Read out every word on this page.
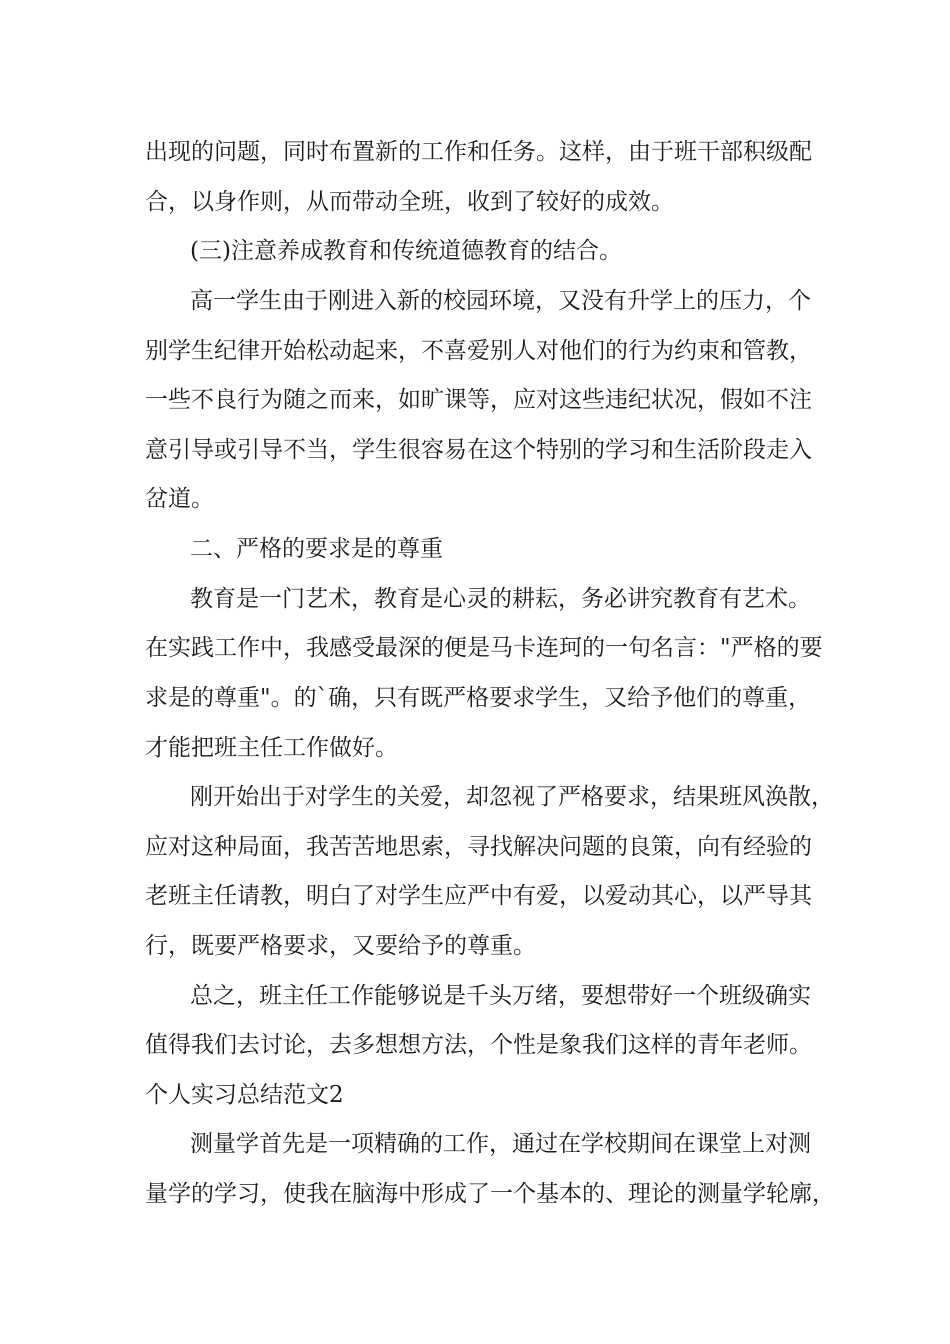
出现的问题，同时布置新的工作和任务。这样，由于班干部积级配
合，以身作则，从而带动全班，收到了较好的成效。
(三)注意养成教育和传统道德教育的结合。
高一学生由于刚进入新的校园环境，又没有升学上的压力，个
别学生纪律开始松动起来，不喜爱别人对他们的行为约束和管教，
一些不良行为随之而来，如旷课等，应对这些违纪状况，假如不注
意引导或引导不当，学生很容易在这个特别的学习和生活阶段走入
岔道。
二、严格的要求是的尊重
教育是一门艺术，教育是心灵的耕耘，务必讲究教育有艺术。
在实践工作中，我感受最深的便是马卡连珂的一句名言："严格的要
求是的尊重"。的`确，只有既严格要求学生，又给予他们的尊重，
才能把班主任工作做好。
刚开始出于对学生的关爱，却忽视了严格要求，结果班风涣散，
应对这种局面，我苦苦地思索，寻找解决问题的良策，向有经验的
老班主任请教，明白了对学生应严中有爱，以爱动其心，以严导其
行，既要严格要求，又要给予的尊重。
总之，班主任工作能够说是千头万绪，要想带好一个班级确实
值得我们去讨论，去多想想方法，个性是象我们这样的青年老师。
个人实习总结范文2
测量学首先是一项精确的工作，通过在学校期间在课堂上对测
量学的学习，使我在脑海中形成了一个基本的、理论的测量学轮廓，
